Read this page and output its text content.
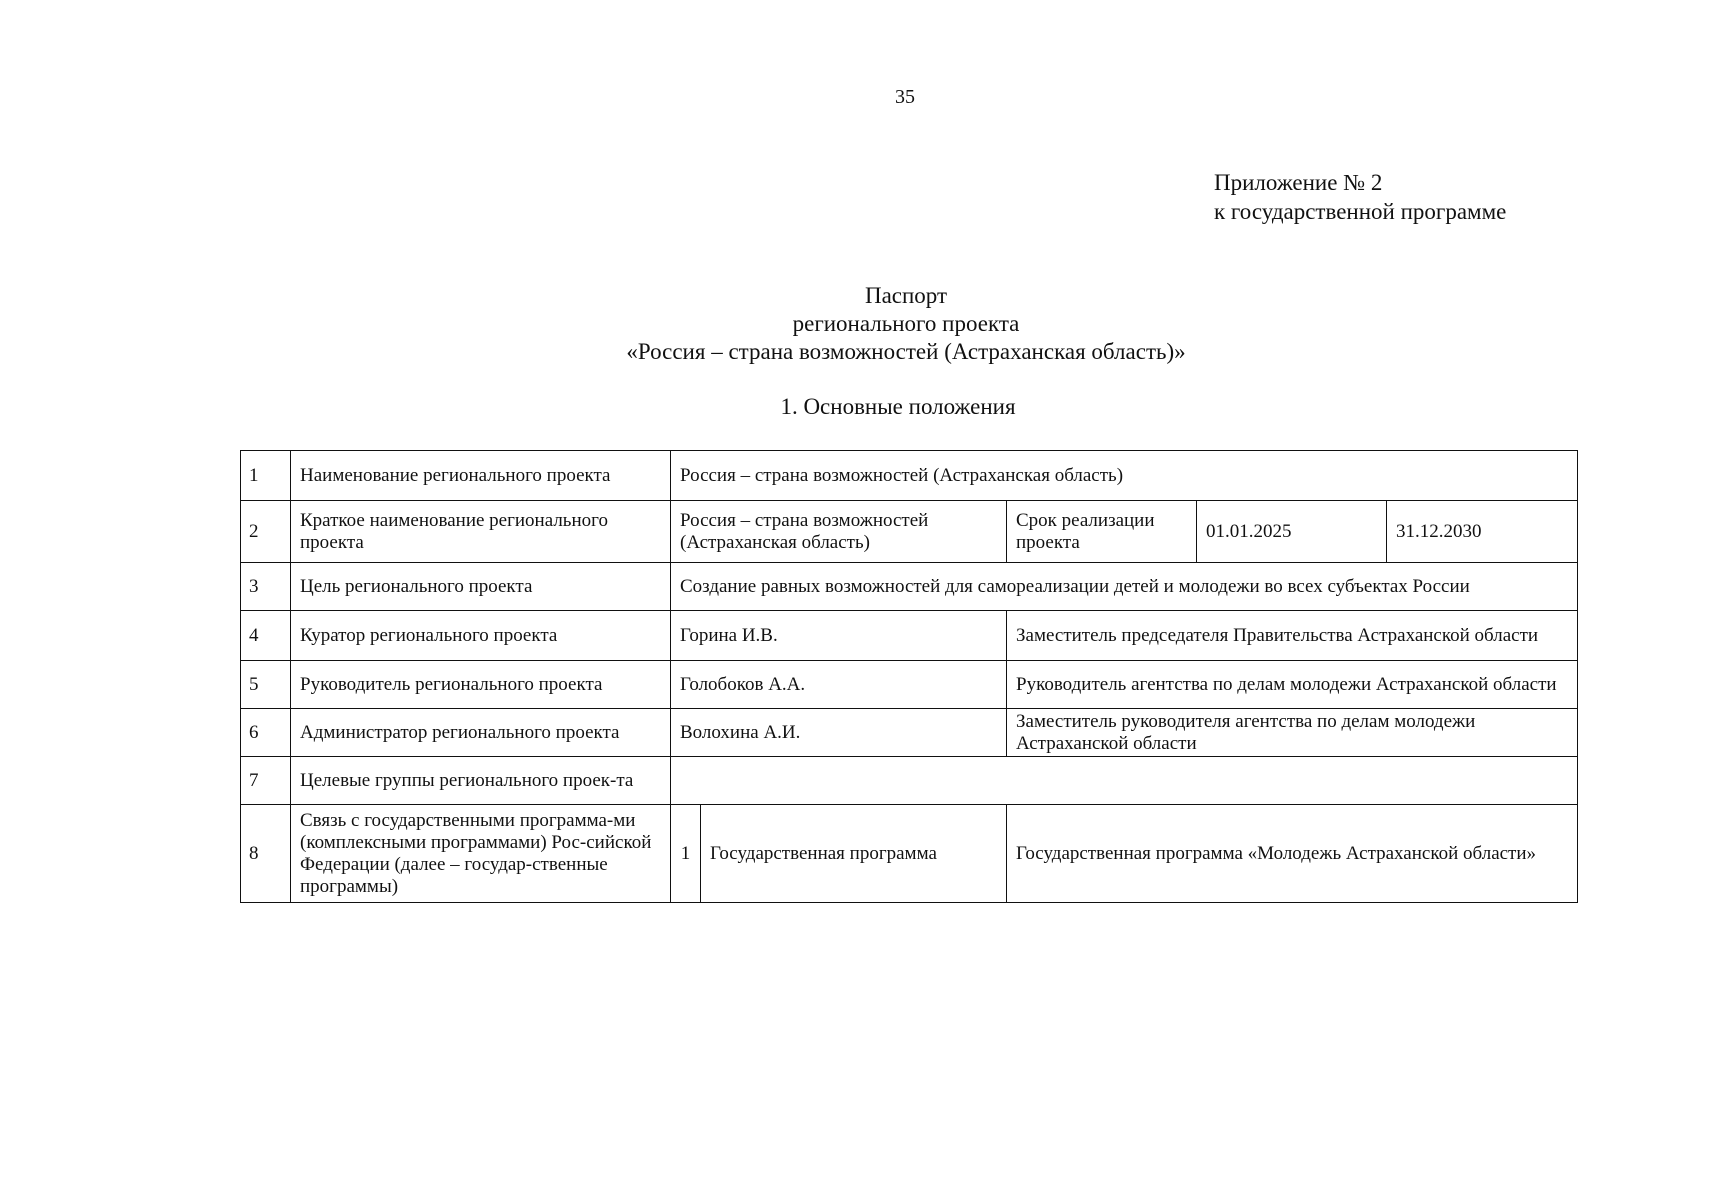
35
Приложение № 2
к государственной программе
Паспорт
регионального проекта
«Россия – страна возможностей (Астраханская область)»
1. Основные положения
1	Наименование регионального проекта	Россия – страна возможностей (Астраханская область)				
2	Краткое наименование регионального проекта	Россия – страна возможностей (Астраханская область)		Срок реализации проекта	01.01.2025	31.12.2030
3	Цель регионального проекта	Создание равных возможностей для самореализации детей и молодежи во всех субъектах России				
4	Куратор регионального проекта	Горина И.В.		Заместитель председателя Правительства Астраханской области		
5	Руководитель регионального проекта	Голобоков А.А.		Руководитель агентства по делам молодежи Астраханской области		
6	Администратор регионального проекта	Волохина А.И.		Заместитель руководителя агентства по делам молодежи Астраханской области		
7	Целевые группы регионального проек-та					
8	Связь с государственными программа-ми (комплексными программами) Рос-сийской Федерации (далее – государ-ственные программы)	1	Государственная программа	Государственная программа «Молодежь Астраханской области»		
